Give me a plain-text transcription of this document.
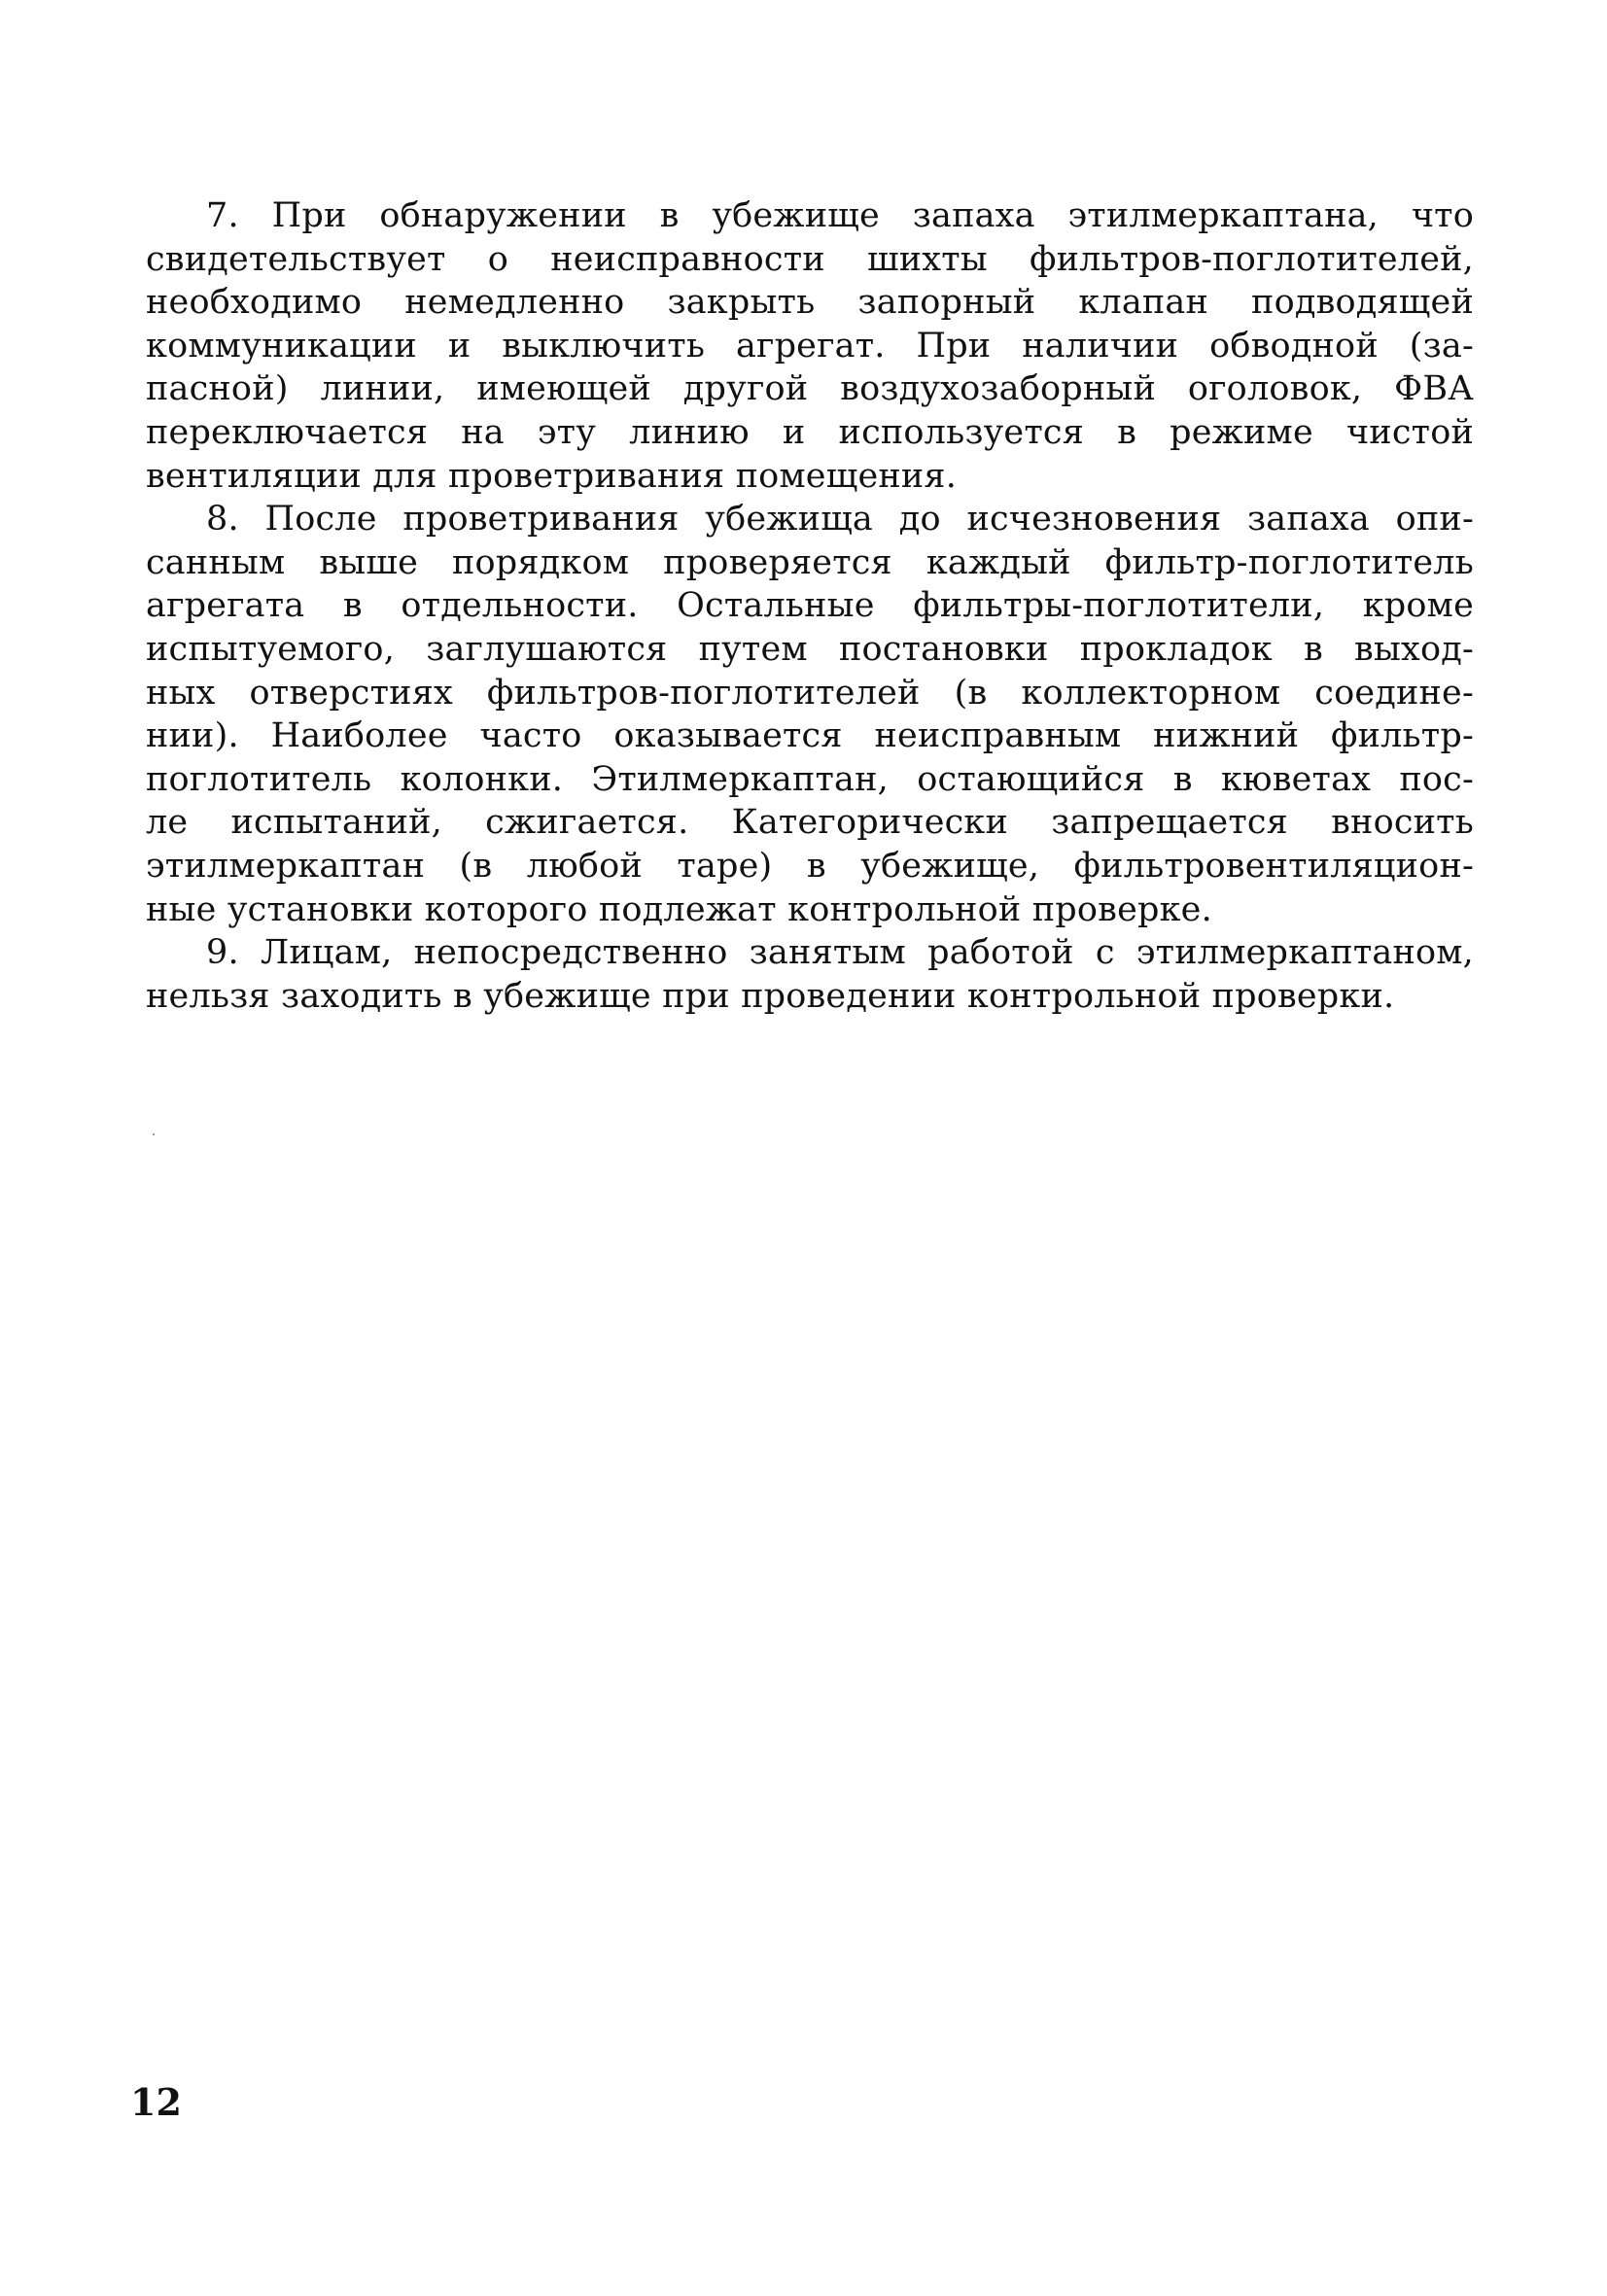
7. При обнаружении в убежище запаха этилмеркаптана, что
свидетельствует о неисправности шихты фильтров-поглотителей,
необходимо немедленно закрыть запорный клапан подводящей
коммуникации и выключить агрегат. При наличии обводной (за-
пасной) линии, имеющей другой воздухозаборный оголовок, ФВА
переключается на эту линию и используется в режиме чистой
вентиляции для проветривания помещения.

8. После проветривания убежища до исчезновения запаха опи-
санным выше порядком проверяется каждый фильтр-поглотитель
агрегата в отдельности. Остальные фильтры-поглотители, кроме
испытуемого, заглушаются путем постановки прокладок в выход-
ных отверстиях фильтров-поглотителей (в коллекторном соедине-
нии). Наиболее часто оказывается неисправным нижний фильтр-
поглотитель колонки. Этилмеркаптан, остающийся в кюветах пос-
ле испытаний, сжигается. Категорически запрещается вносить
этилмеркаптан (в любой таре) в убежище, фильтровентиляцион-
ные установки которого подлежат контрольной проверке.

9. Лицам, непосредственно занятым работой с этилмеркаптаном,
нельзя заходить в убежище при проведении контрольной проверки.

12
